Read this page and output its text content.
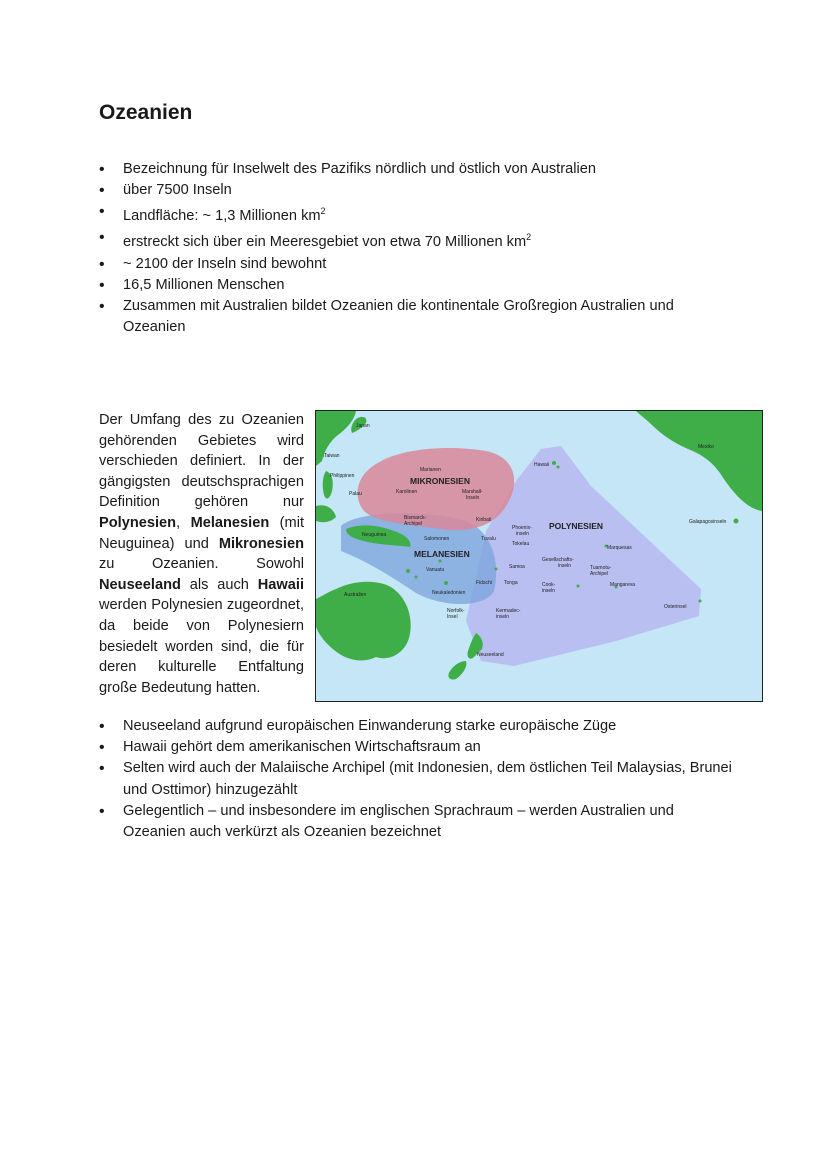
Ozeanien
• Bezeichnung für Inselwelt des Pazifiks nördlich und östlich von Australien
• über 7500 Inseln
• Landfläche: ~ 1,3 Millionen $km^2$
• erstreckt sich über ein Meeresgebiet von etwa 70 Millionen $km^2$
• ~ 2100 der Inseln sind bewohnt
• 16,5 Millionen Menschen
• Zusammen mit Australien bildet Ozeanien die kontinentale Großregion Australien und Ozeanien
Der Umfang des zu Ozeanien gehörenden Gebietes wird verschieden definiert. In der gängigsten deutschsprachigen Definition gehören nur Polynesien, Melanesien (mit Neuguinea) und Mikronesien zu Ozeanien. Sowohl Neuseeland als auch Hawaii werden Polynesien zugeordnet, da beide von Polynesiern besiedelt worden sind, die für deren kulturelle Entfaltung große Bedeutung hatten.
MIKRONESIEN
MELANESIEN
POLYNESIEN
Japan
Taiwan
Philippinen
Palau
Marianen
Karolinen	Marshall-
Inseln
Bismarck-
Archipel
Kiribati
Neuguinea
Salomonen	Tuvalu
Phoenix-
inseln
Tokelau
Vanuatu	Samoa
Gesellschafts-
inseln	Tuamotu-
Archipel
Fidschi Tonga	Cook-
inseln
Mangareva
Neukaledonien
Australien
Norfolk-
Insel
Kermadec-
inseln
Neuseeland
Hawaii
Mexiko
Galapagosinseln
Marquesas
Osterinsel
• Neuseeland aufgrund europäischen Einwanderung starke europäische Züge
• Hawaii gehört dem amerikanischen Wirtschaftsraum an
• Selten wird auch der Malaiische Archipel (mit Indonesien, dem östlichen Teil Malaysias, Brunei und Osttimor) hinzugezählt
• Gelegentlich – und insbesondere im englischen Sprachraum – werden Australien und Ozeanien auch verkürzt als Ozeanien bezeichnet
